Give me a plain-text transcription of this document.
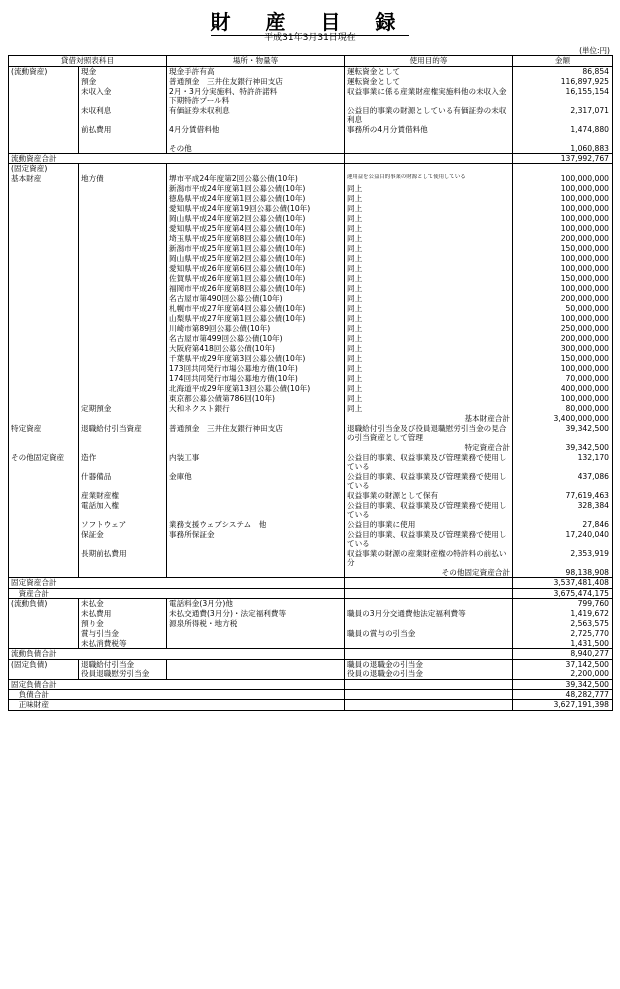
財 産 目 録
平成31年3月31日現在
(単位:円)
貸借対照表科目		場所・物量等	使用目的等	金額
(流動資産)	現金	現金手許有高	運転資金として	86,854
	預金	普通預金　三井住友銀行神田支店	運転資金として	116,897,925
	未収入金	2月・3月分実施料、特許許諾料
下期特許プール料	収益事業に係る産業財産権実施料他の未収入金	16,155,154
	未収利息	有価証券未収利息	公益目的事業の財源としている有価証券の未収利息	2,317,071
	前払費用	4月分賃借料他	事務所の4月分賃借料他	1,474,880
		その他		1,060,883
流動資産合計				137,992,767
(固定資産)				
基本財産	地方債	堺市平成24年度第2回公募公債(10年)	運用益を公益目的事業の財源として使用している	100,000,000
		新潟市平成24年度第1回公募公債(10年)	同上	100,000,000
		徳島県平成24年度第1回公募公債(10年)	同上	100,000,000
		愛知県平成24年度第19回公募公債(10年)	同上	100,000,000
		岡山県平成24年度第2回公募公債(10年)	同上	100,000,000
		愛知県平成25年度第4回公募公債(10年)	同上	100,000,000
		埼玉県平成25年度第8回公募公債(10年)	同上	200,000,000
		新潟市平成25年度第1回公募公債(10年)	同上	150,000,000
		岡山県平成25年度第2回公募公債(10年)	同上	100,000,000
		愛知県平成26年度第6回公募公債(10年)	同上	100,000,000
		佐賀県平成26年度第1回公募公債(10年)	同上	150,000,000
		福岡市平成26年度第8回公募公債(10年)	同上	100,000,000
		名古屋市第490回公募公債(10年)	同上	200,000,000
		札幌市平成27年度第4回公募公債(10年)	同上	50,000,000
		山梨県平成27年度第1回公募公債(10年)	同上	100,000,000
		川崎市第89回公募公債(10年)	同上	250,000,000
		名古屋市第499回公募公債(10年)	同上	200,000,000
		大阪府第418回公募公債(10年)	同上	300,000,000
		千葉県平成29年度第3回公募公債(10年)	同上	150,000,000
		173回共同発行市場公募地方債(10年)	同上	100,000,000
		174回共同発行市場公募地方債(10年)	同上	70,000,000
		北海道平成29年度第13回公募公債(10年)	同上	400,000,000
		東京都公募公債第786回(10年)	同上	100,000,000
	定期預金	大和ネクスト銀行	同上	80,000,000
			基本財産合計	3,400,000,000
特定資産	退職給付引当資産	普通預金　三井住友銀行神田支店	退職給付引当金及び役員退職慰労引当金の見合の引当資産として管理	39,342,500
			特定資産合計	39,342,500
その他固定資産	造作	内装工事	公益目的事業、収益事業及び管理業務で使用している	132,170
	什器備品	金庫他	公益目的事業、収益事業及び管理業務で使用している	437,086
	産業財産権		収益事業の財源として保有	77,619,463
	電話加入権		公益目的事業、収益事業及び管理業務で使用している	328,384
	ソフトウェア	業務支援ウェブシステム　他	公益目的事業に使用	27,846
	保証金	事務所保証金	公益目的事業、収益事業及び管理業務で使用している	17,240,040
	長期前払費用		収益事業の財源の産業財産権の特許料の前払い分	2,353,919
			その他固定資産合計	98,138,908
固定資産合計				3,537,481,408
　資産合計				3,675,474,175
(流動負債)	未払金	電話料金(3月分)他		799,760
	未払費用	未払交通費(3月分)・法定福利費等	職員の3月分交通費他法定福利費等	1,419,672
	預り金	源泉所得税・地方税		2,563,575
	賞与引当金		職員の賞与の引当金	2,725,770
	未払消費税等			1,431,500
流動負債合計				8,940,277
(固定負債)	退職給付引当金		職員の退職金の引当金	37,142,500
	役員退職慰労引当金		役員の退職金の引当金	2,200,000
固定負債合計				39,342,500
　負債合計				48,282,777
　正味財産				3,627,191,398
